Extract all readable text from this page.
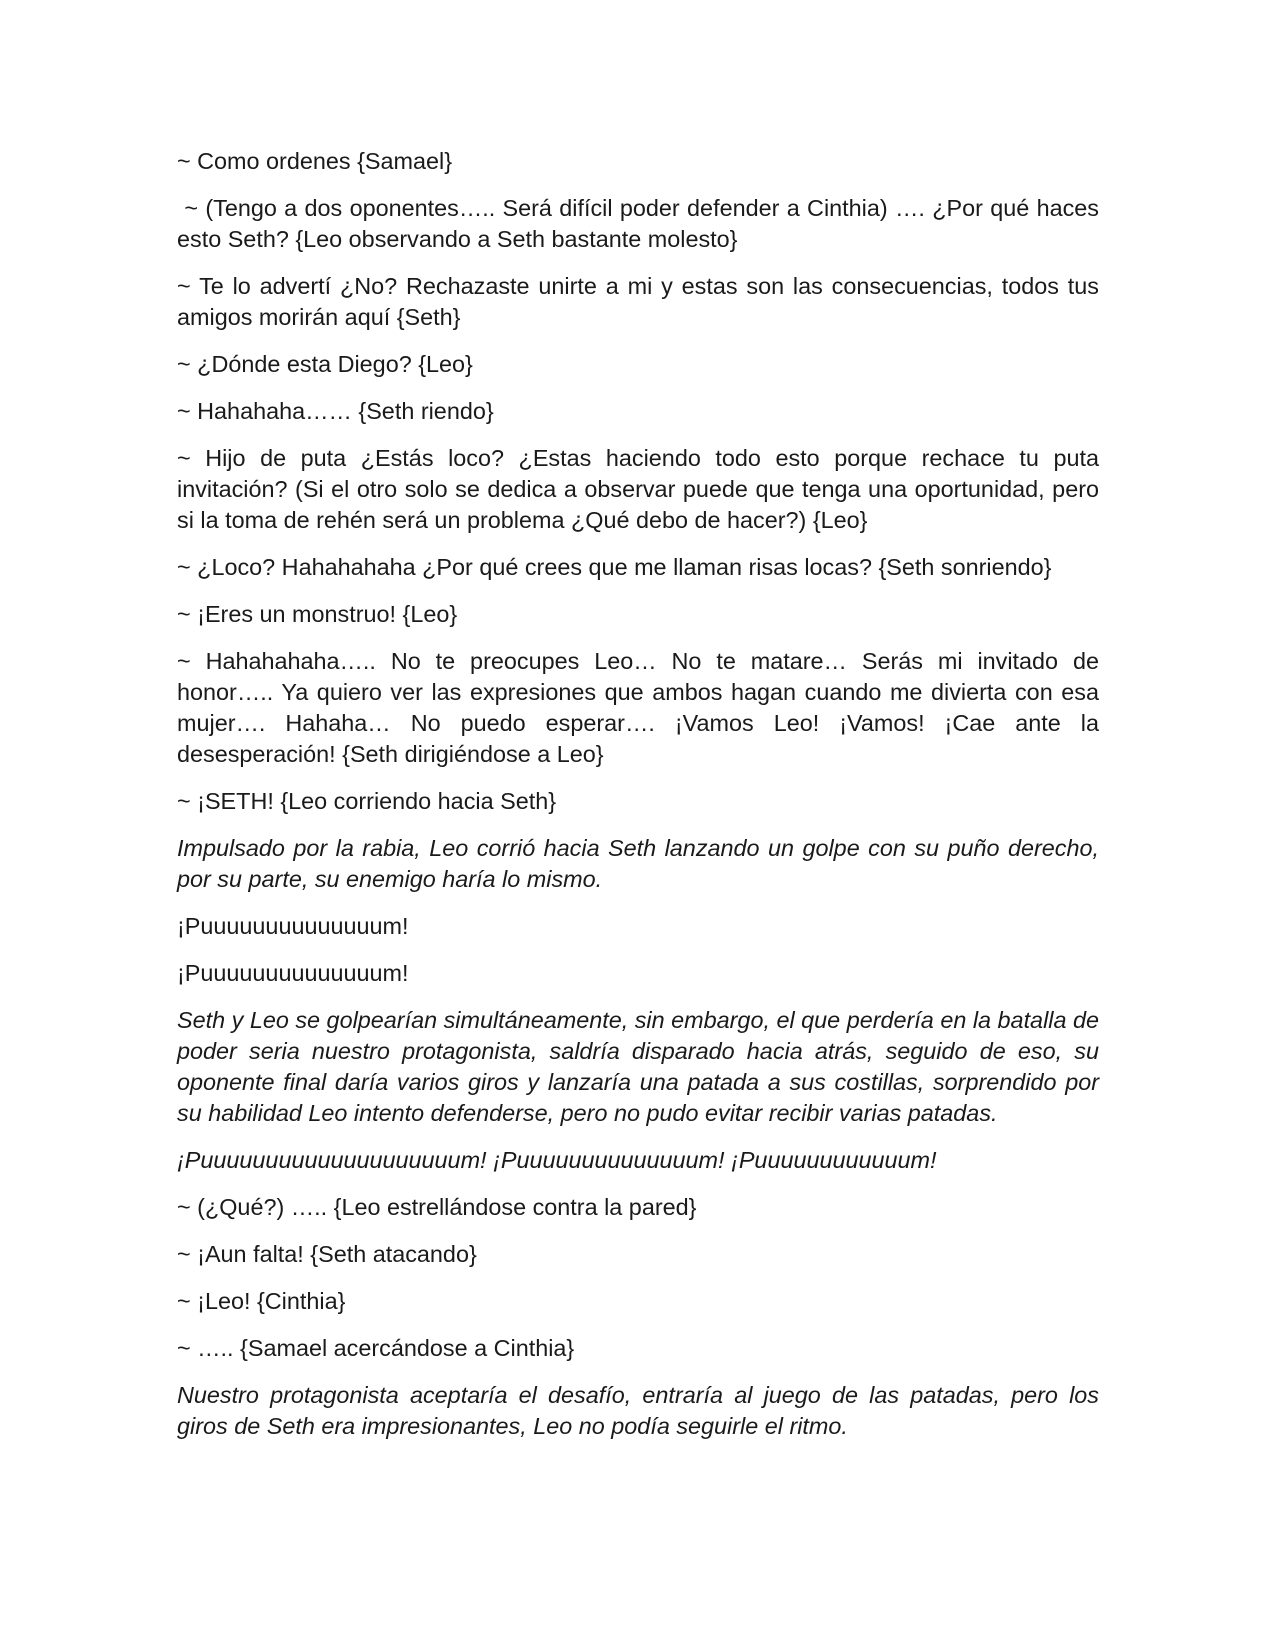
~ Como ordenes {Samael}

~ (Tengo a dos oponentes….. Será difícil poder defender a Cinthia) …. ¿Por qué haces esto Seth? {Leo observando a Seth bastante molesto}

~ Te lo advertí ¿No? Rechazaste unirte a mi y estas son las consecuencias, todos tus amigos morirán aquí {Seth}

~ ¿Dónde esta Diego? {Leo}

~ Hahahaha…… {Seth riendo}

~ Hijo de puta ¿Estás loco? ¿Estas haciendo todo esto porque rechace tu puta invitación? (Si el otro solo se dedica a observar puede que tenga una oportunidad, pero si la toma de rehén será un problema ¿Qué debo de hacer?) {Leo}

~ ¿Loco? Hahahahaha ¿Por qué crees que me llaman risas locas? {Seth sonriendo}

~ ¡Eres un monstruo! {Leo}

~ Hahahahaha….. No te preocupes Leo… No te matare… Serás mi invitado de honor….. Ya quiero ver las expresiones que ambos hagan cuando me divierta con esa mujer…. Hahaha… No puedo esperar…. ¡Vamos Leo! ¡Vamos! ¡Cae ante la desesperación! {Seth dirigiéndose a Leo}

~ ¡SETH! {Leo corriendo hacia Seth}

Impulsado por la rabia, Leo corrió hacia Seth lanzando un golpe con su puño derecho, por su parte, su enemigo haría lo mismo.

¡Puuuuuuuuuuuuuum!

¡Puuuuuuuuuuuuuum!

Seth y Leo se golpearían simultáneamente, sin embargo, el que perdería en la batalla de poder seria nuestro protagonista, saldría disparado hacia atrás, seguido de eso, su oponente final daría varios giros y lanzaría una patada a sus costillas, sorprendido por su habilidad Leo intento defenderse, pero no pudo evitar recibir varias patadas.

¡Puuuuuuuuuuuuuuuuuuuum! ¡Puuuuuuuuuuuuuum! ¡Puuuuuuuuuuuum!

~ (¿Qué?) ….. {Leo estrellándose contra la pared}

~ ¡Aun falta! {Seth atacando}

~ ¡Leo! {Cinthia}

~ ….. {Samael acercándose a Cinthia}

Nuestro protagonista aceptaría el desafío, entraría al juego de las patadas, pero los giros de Seth era impresionantes, Leo no podía seguirle el ritmo.
